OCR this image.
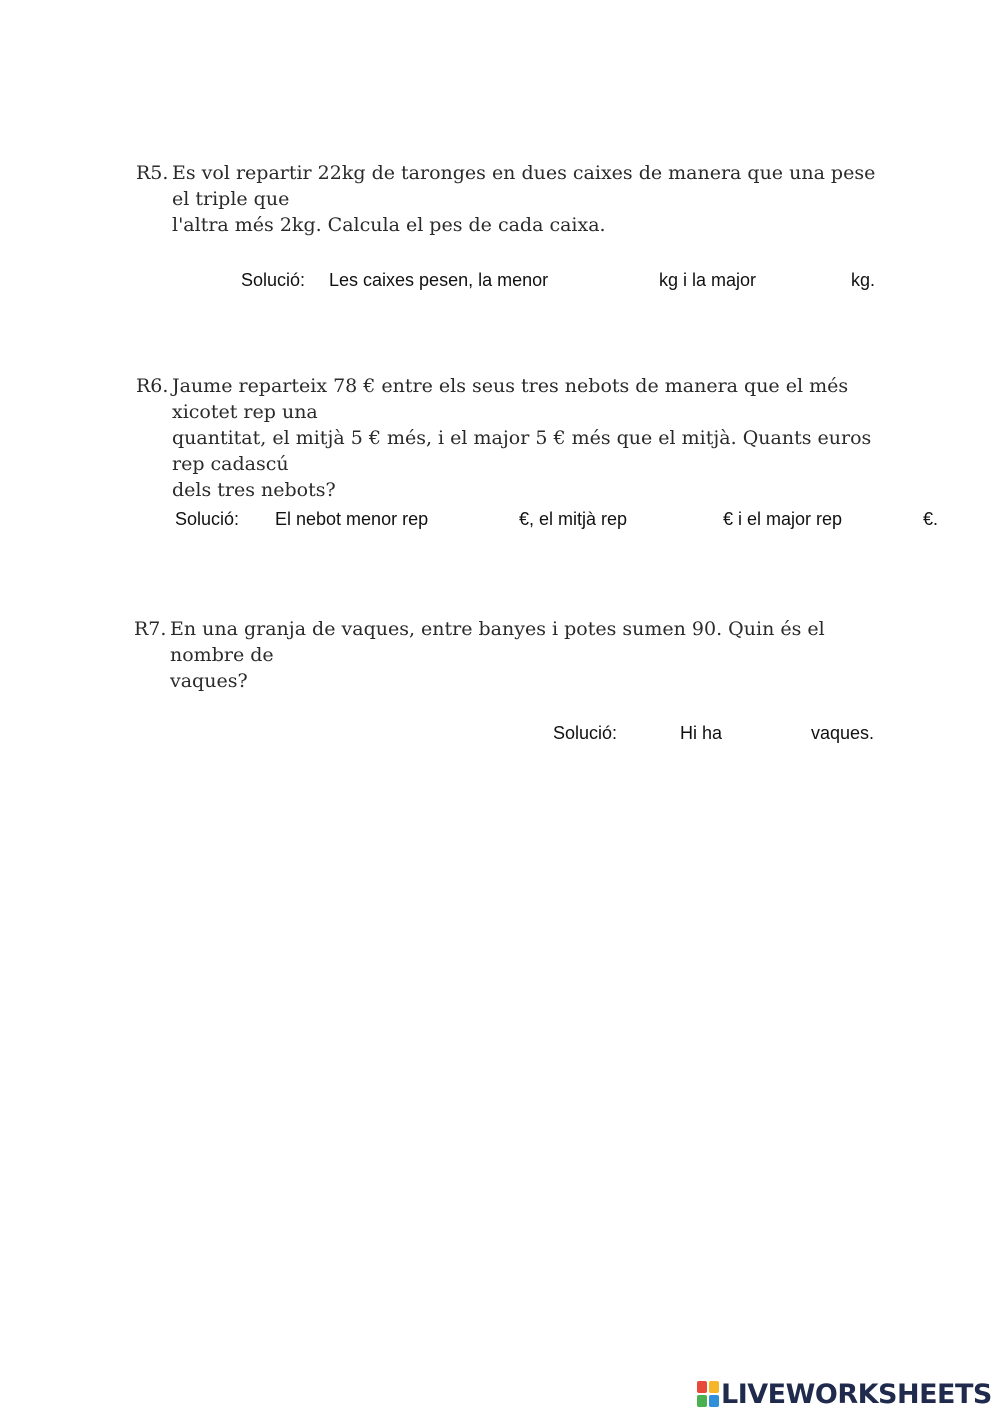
R5. Es vol repartir 22kg de taronges en dues caixes de manera que una pese el triple que
l'altra més 2kg. Calcula el pes de cada caixa.
Solució: Les caixes pesen, la menor	kg i la major	kg.
R6. Jaume reparteix 78 € entre els seus tres nebots de manera que el més xicotet rep una
quantitat, el mitjà 5 € més, i el major 5 € més que el mitjà. Quants euros rep cadascú
dels tres nebots?
Solució: El nebot menor rep	€, el mitjà rep	€ i el major rep	€.
R7. En una granja de vaques, entre banyes i potes sumen 90. Quin és el nombre de
vaques?
Solució:	Hi ha	vaques.
LIVEWORKSHEETS
